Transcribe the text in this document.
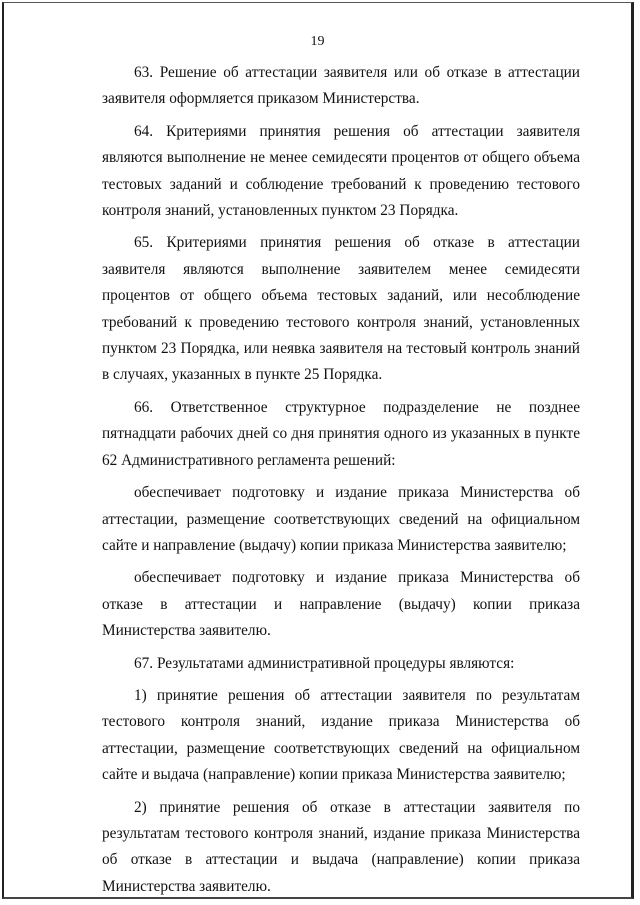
19

63. Решение об аттестации заявителя или об отказе в аттестации заявителя оформляется приказом Министерства.

64. Критериями принятия решения об аттестации заявителя являются выполнение не менее семидесяти процентов от общего объема тестовых заданий и соблюдение требований к проведению тестового контроля знаний, установленных пунктом 23 Порядка.

65. Критериями принятия решения об отказе в аттестации заявителя являются выполнение заявителем менее семидесяти процентов от общего объема тестовых заданий, или несоблюдение требований к проведению тестового контроля знаний, установленных пунктом 23 Порядка, или неявка заявителя на тестовый контроль знаний в случаях, указанных в пункте 25 Порядка.

66. Ответственное структурное подразделение не позднее пятнадцати рабочих дней со дня принятия одного из указанных в пункте 62 Административного регламента решений:

обеспечивает подготовку и издание приказа Министерства об аттестации, размещение соответствующих сведений на официальном сайте и направление (выдачу) копии приказа Министерства заявителю;

обеспечивает подготовку и издание приказа Министерства об отказе в аттестации и направление (выдачу) копии приказа Министерства заявителю.

67. Результатами административной процедуры являются:

1) принятие решения об аттестации заявителя по результатам тестового контроля знаний, издание приказа Министерства об аттестации, размещение соответствующих сведений на официальном сайте и выдача (направление) копии приказа Министерства заявителю;

2) принятие решения об отказе в аттестации заявителя по результатам тестового контроля знаний, издание приказа Министерства об отказе в аттестации и выдача (направление) копии приказа Министерства заявителю.
